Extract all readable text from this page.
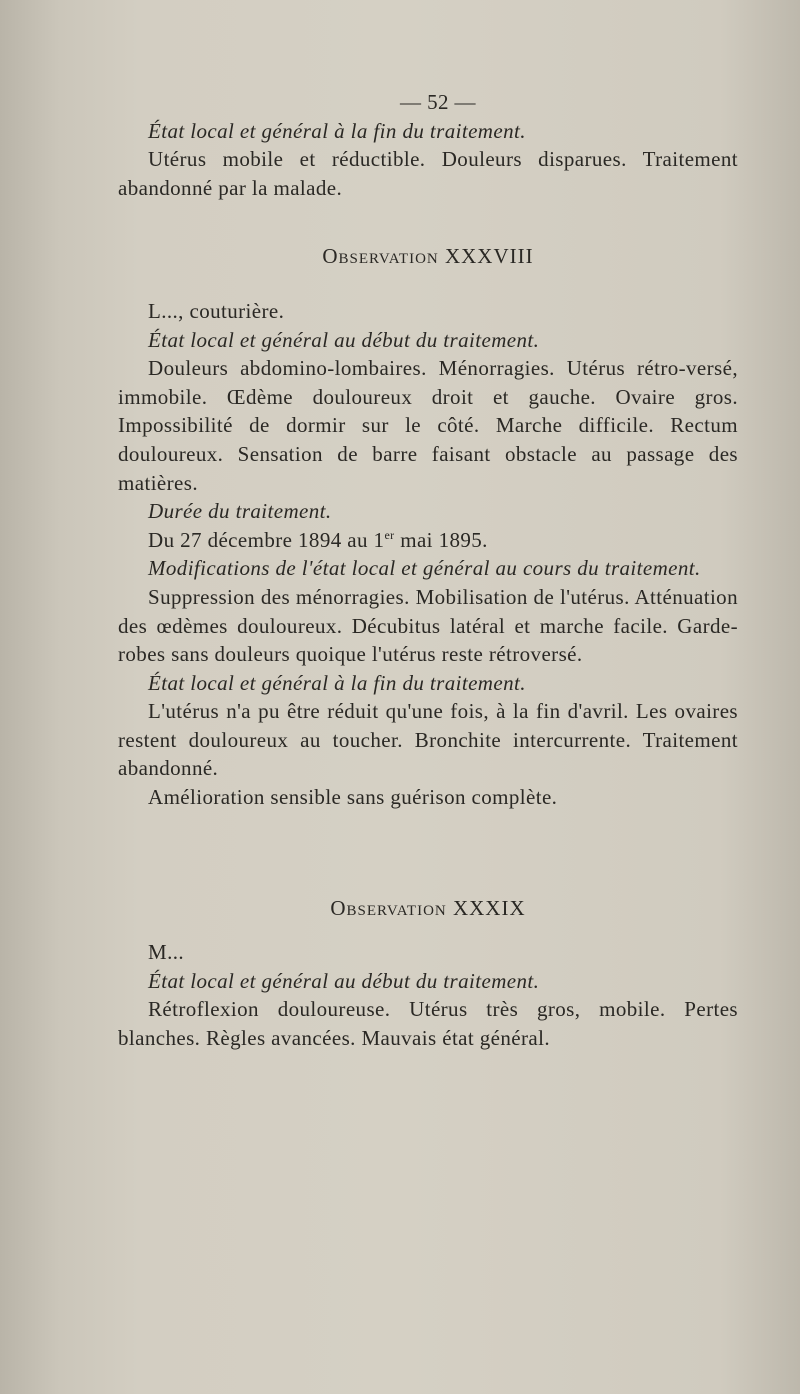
— 52 —

État local et général à la fin du traitement.

Utérus mobile et réductible. Douleurs disparues. Traitement abandonné par la malade.

Observation XXXVIII

L..., couturière.

État local et général au début du traitement.

Douleurs abdomino-lombaires. Ménorragies. Utérus rétro-versé, immobile. Œdème douloureux droit et gauche. Ovaire gros. Impossibilité de dormir sur le côté. Marche difficile. Rectum douloureux. Sensation de barre faisant obstacle au passage des matières.

Durée du traitement.

Du 27 décembre 1894 au 1er mai 1895.

Modifications de l'état local et général au cours du traitement.

Suppression des ménorragies. Mobilisation de l'utérus. Atténuation des œdèmes douloureux. Décubitus latéral et marche facile. Garde-robes sans douleurs quoique l'utérus reste rétroversé.

État local et général à la fin du traitement.

L'utérus n'a pu être réduit qu'une fois, à la fin d'avril. Les ovaires restent douloureux au toucher. Bronchite intercurrente. Traitement abandonné.

Amélioration sensible sans guérison complète.

Observation XXXIX

M...

État local et général au début du traitement.

Rétroflexion douloureuse. Utérus très gros, mobile. Pertes blanches. Règles avancées. Mauvais état général.
